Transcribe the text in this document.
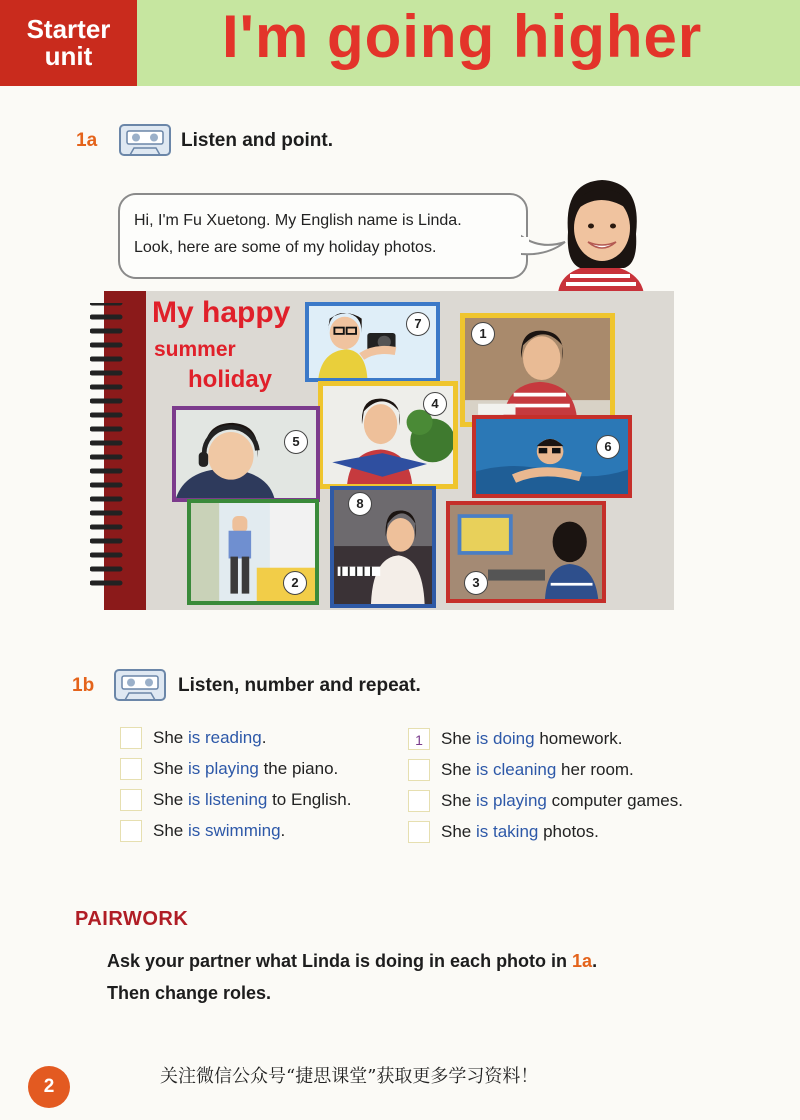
Starter
unit	I'm going higher
1a	Listen and point.
Hi, I'm Fu Xuetong. My English name is Linda.
Look, here are some of my holiday photos.
My happy
summer
holiday
7
1
4
5	6
8
2	3
1b	Listen, number and repeat.
She
is reading .
She
is playing the piano.
She
is listening to English.
She
is swimming .
1	She
is doing homework.
She
is cleaning her room.
She
is playing computer games.
She
is taking photos.
PAIRWORK
Ask your partner what Linda is doing in each photo in 1a.
Then change roles.
2	关注微信公众号“捷思课堂”获取更多学习资料！
